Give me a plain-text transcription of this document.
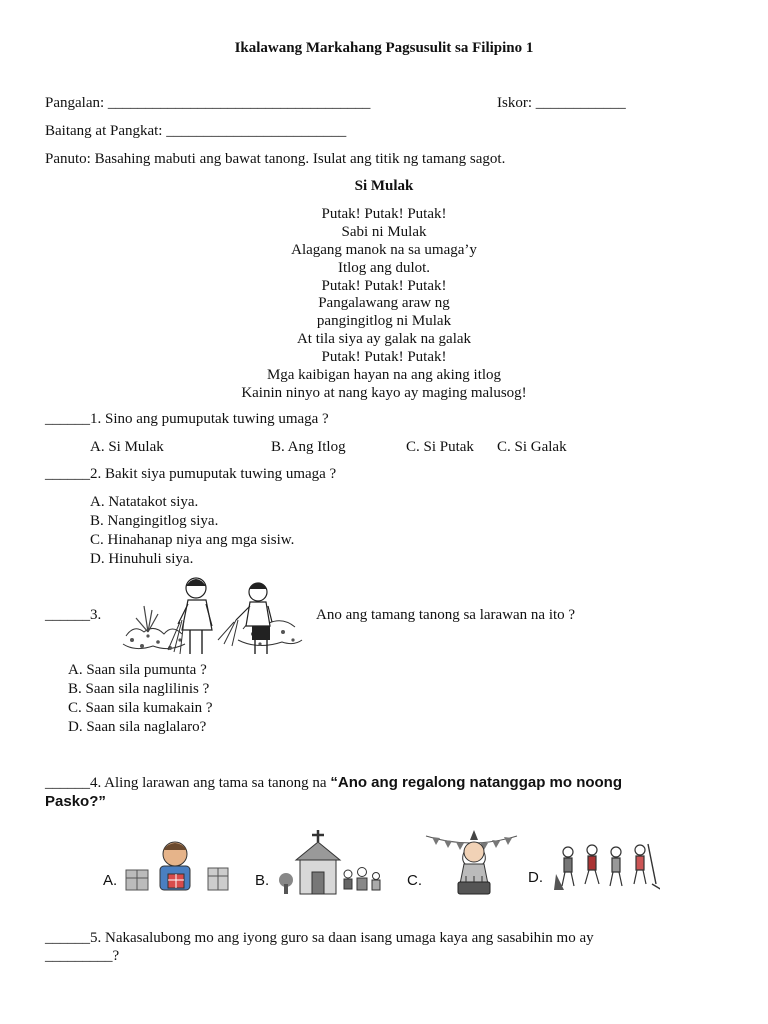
Ikalawang Markahang Pagsusulit sa Filipino 1
Pangalan: ___________________________________	Iskor: ____________
Baitang at Pangkat: ________________________
Panuto: Basahing mabuti ang bawat tanong. Isulat ang titik ng tamang sagot.
Si Mulak
Putak! Putak! Putak!
Sabi ni Mulak
Alagang manok na sa umaga’y
Itlog ang dulot.
Putak! Putak! Putak!
Pangalawang araw ng
pangingitlog ni Mulak
At tila siya ay galak na galak
Putak! Putak! Putak!
Mga kaibigan hayan na ang aking itlog
Kainin ninyo at nang kayo ay maging malusog!
______1. Sino ang pumuputak tuwing umaga ?
A. Si Mulak	B. Ang Itlog	C. Si Putak C. Si Galak
______2. Bakit siya pumuputak tuwing umaga ?
A. Natatakot siya.
B. Nangingitlog siya.
C. Hinahanap niya ang mga sisiw.
D. Hinuhuli siya.
______3.	Ano ang tamang tanong sa larawan na ito ?
A. Saan sila pumunta ?
B. Saan sila naglilinis ?
C. Saan sila kumakain ?
D. Saan sila naglalaro?
______4. Aling larawan ang tama sa tanong na “Ano ang regalong natanggap mo noong
Pasko?”
A.	B.	C.	D.
______5. Nakasalubong mo ang iyong guro sa daan isang umaga kaya ang sasabihin mo ay
_________?
